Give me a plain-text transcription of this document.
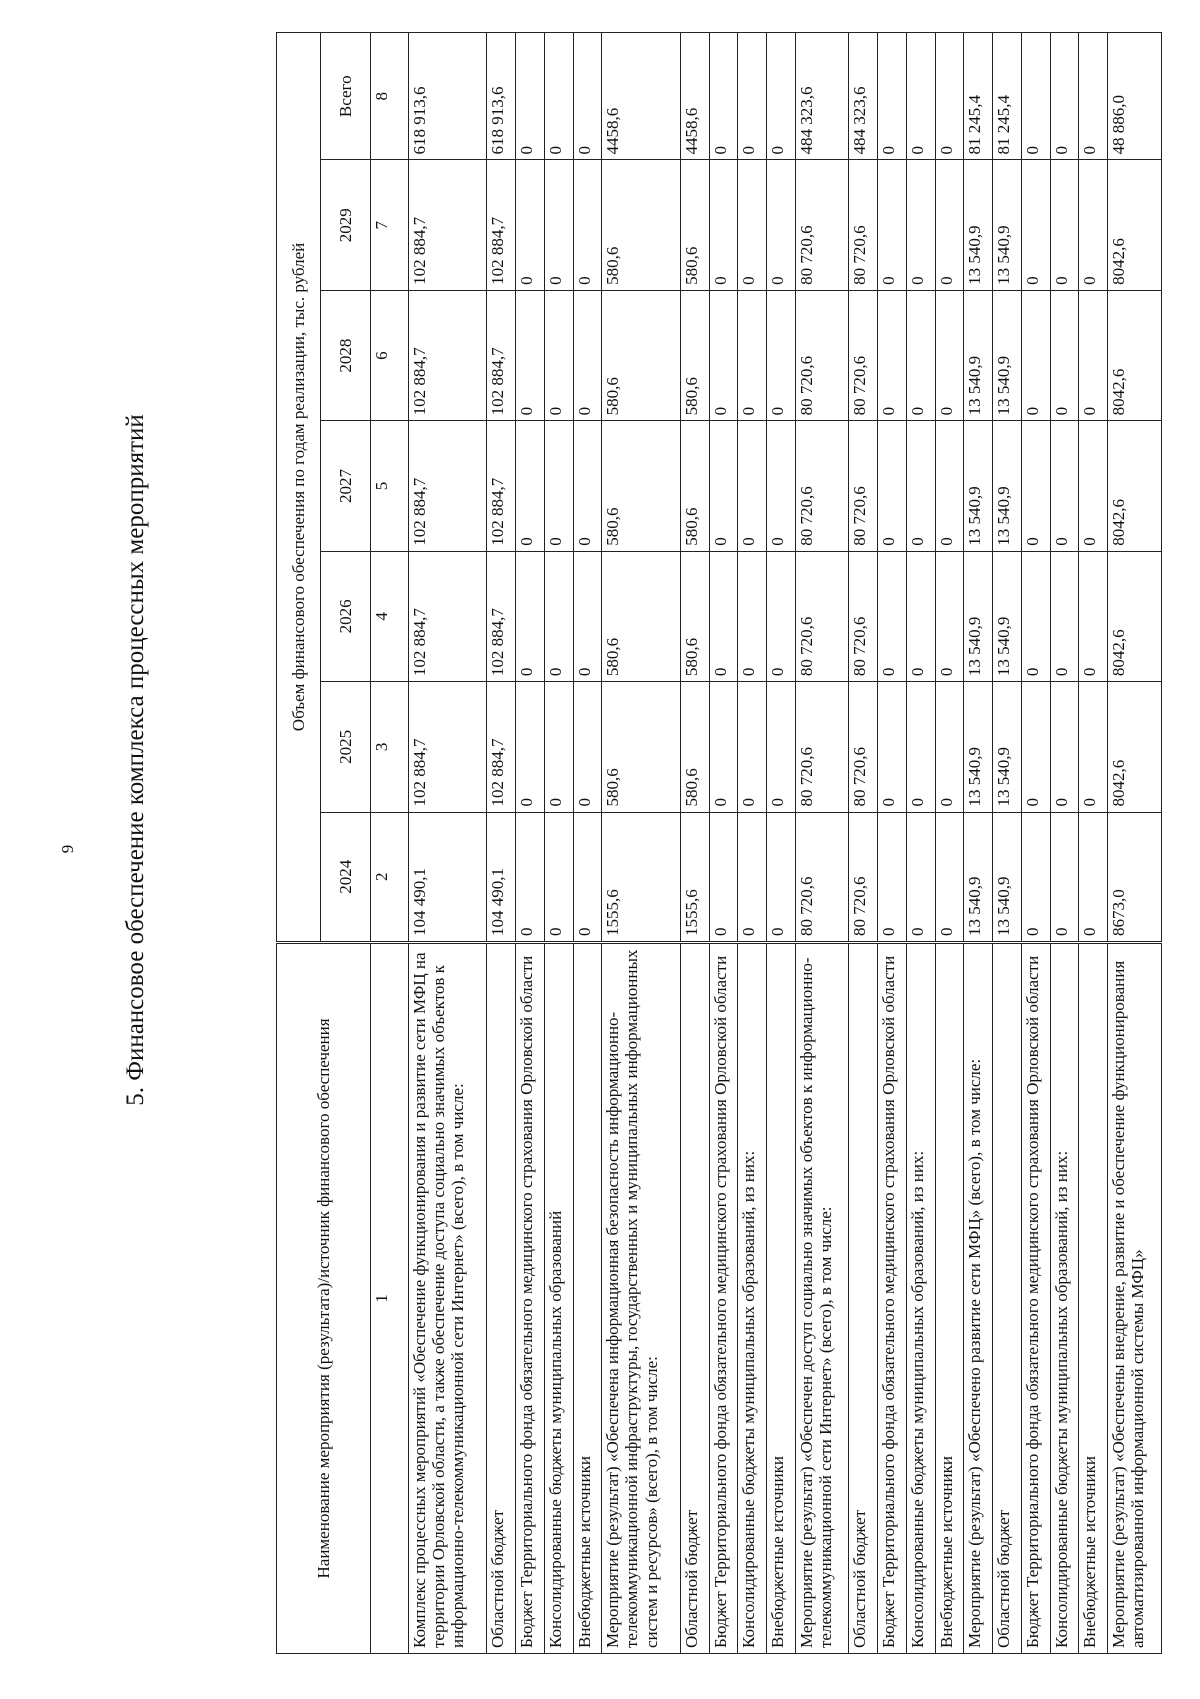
9 5. Финансовое обеспечение комплекса процессных мероприятий
Наименование мероприятия (результата)/источник финансового обеспечения	Объем финансового обеспечения по годам реализации, тыс. рублей						
	2024	2025	2026	2027	2028	2029	Всего
1	2	3	4	5	6	7	8
Комплекс процессных мероприятий «Обеспечение функционирования и развитие сети МФЦ на территории Орловской области, а также обеспечение доступа социально значимых объектов к информационно-телекоммуникационной сети Интернет» (всего), в том числе:	104 490,1	102 884,7	102 884,7	102 884,7	102 884,7	102 884,7	618 913,6
Областной бюджет	104 490,1	102 884,7	102 884,7	102 884,7	102 884,7	102 884,7	618 913,6
Бюджет Территориального фонда обязательного медицинского страхования Орловской области	0	0	0	0	0	0	0
Консолидированные бюджеты муниципальных образований	0	0	0	0	0	0	0
Внебюджетные источники	0	0	0	0	0	0	0
Мероприятие (результат) «Обеспечена информационная безопасность информационно-телекоммуникационной инфраструктуры, государственных и муниципальных информационных систем и ресурсов» (всего), в том числе:	1555,6	580,6	580,6	580,6	580,6	580,6	4458,6
Областной бюджет	1555,6	580,6	580,6	580,6	580,6	580,6	4458,6
Бюджет Территориального фонда обязательного медицинского страхования Орловской области	0	0	0	0	0	0	0
Консолидированные бюджеты муниципальных образований, из них:	0	0	0	0	0	0	0
Внебюджетные источники	0	0	0	0	0	0	0
Мероприятие (результат) «Обеспечен доступ социально значимых объектов к информационно-телекоммуникационной сети Интернет» (всего), в том числе:	80 720,6	80 720,6	80 720,6	80 720,6	80 720,6	80 720,6	484 323,6
Областной бюджет	80 720,6	80 720,6	80 720,6	80 720,6	80 720,6	80 720,6	484 323,6
Бюджет Территориального фонда обязательного медицинского страхования Орловской области	0	0	0	0	0	0	0
Консолидированные бюджеты муниципальных образований, из них:	0	0	0	0	0	0	0
Внебюджетные источники	0	0	0	0	0	0	0
Мероприятие (результат) «Обеспечено развитие сети МФЦ» (всего), в том числе:	13 540,9	13 540,9	13 540,9	13 540,9	13 540,9	13 540,9	81 245,4
Областной бюджет	13 540,9	13 540,9	13 540,9	13 540,9	13 540,9	13 540,9	81 245,4
Бюджет Территориального фонда обязательного медицинского страхования Орловской области	0	0	0	0	0	0	0
Консолидированные бюджеты муниципальных образований, из них:	0	0	0	0	0	0	0
Внебюджетные источники	0	0	0	0	0	0	0
Мероприятие (результат) «Обеспечены внедрение, развитие и обеспечение функционирования автоматизированной информационной системы МФЦ»	8673,0	8042,6	8042,6	8042,6	8042,6	8042,6	48 886,0
